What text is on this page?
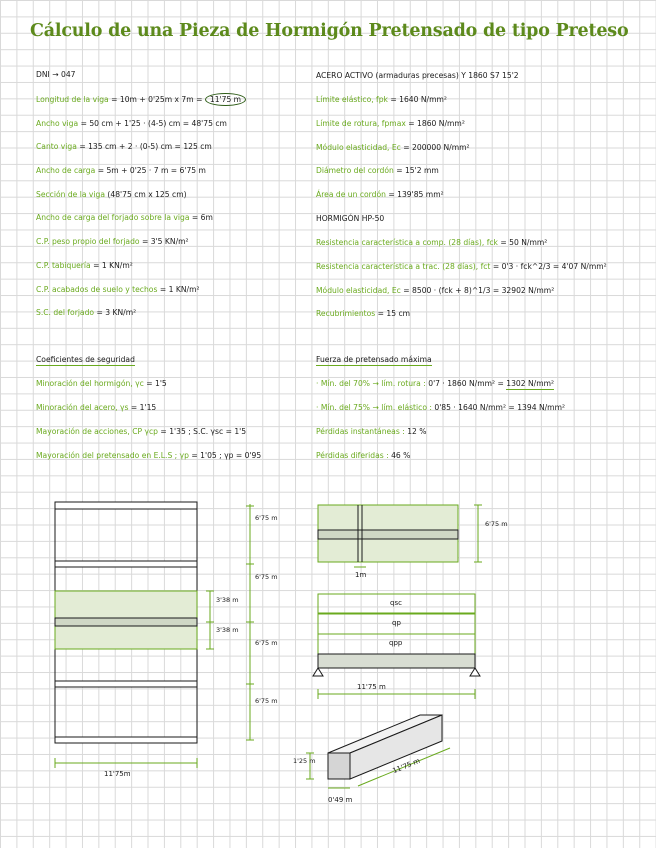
Cálculo de una Pieza de Hormigón Pretensado de tipo Preteso
DNI → 047
Longitud de la viga = 10m + 0'25m x 7m = 11'75 m
Ancho viga = 50 cm + 1'25 · (4-5) cm = 48'75 cm
Canto viga = 135 cm + 2 · (0-5) cm = 125 cm
Ancho de carga = 5m + 0'25 · 7 m = 6'75 m
Sección de la viga (48'75 cm x 125 cm)
Ancho de carga del forjado sobre la viga = 6m
C.P. peso propio del forjado = 3'5 KN/m²
C.P. tabiquería = 1 KN/m²
C.P. acabados de suelo y techos = 1 KN/m²
S.C. del forjado = 3 KN/m²
ACERO ACTIVO (armaduras precesas) Y 1860 S7 15'2
Límite elástico, fpk = 1640 N/mm²
Límite de rotura, fpmax = 1860 N/mm²
Módulo elasticidad, Ec = 200000 N/mm²
Diámetro del cordón = 15'2 mm
Área de un cordón = 139'85 mm²
HORMIGÓN HP-50
Resistencia característica a comp. (28 días), fck = 50 N/mm²
Resistencia característica a trac. (28 días), fct = 0'3 · fck^2/3 = 4'07 N/mm²
Módulo elasticidad, Ec = 8500 · (fck + 8)^1/3 = 32902 N/mm²
Recubrimientos = 15 cm
Coeficientes de seguridad
Minoración del hormigón, γc = 1'5
Minoración del acero, γs = 1'15
Mayoración de acciones, CP γcp = 1'35 ; S.C. γsc = 1'5
Mayoración del pretensado en E.L.S ; γp = 1'05 ; γp = 0'95
Fuerza de pretensado máxima
· Mín. del 70% → lím. rotura : 0'7 · 1860 N/mm² = 1302 N/mm²
· Mín. del 75% → lím. elástico : 0'85 · 1640 N/mm² = 1394 N/mm²
Pérdidas instantáneas : 12 %
Pérdidas diferidas : 46 %
6'75 m
6'75 m
6'75 m
6'75 m
3'38 m
3'38 m
11'75m
6'75 m
1m
qsc
qp
qpp
11'75 m
1'25 m	11'75 m
0'49 m
